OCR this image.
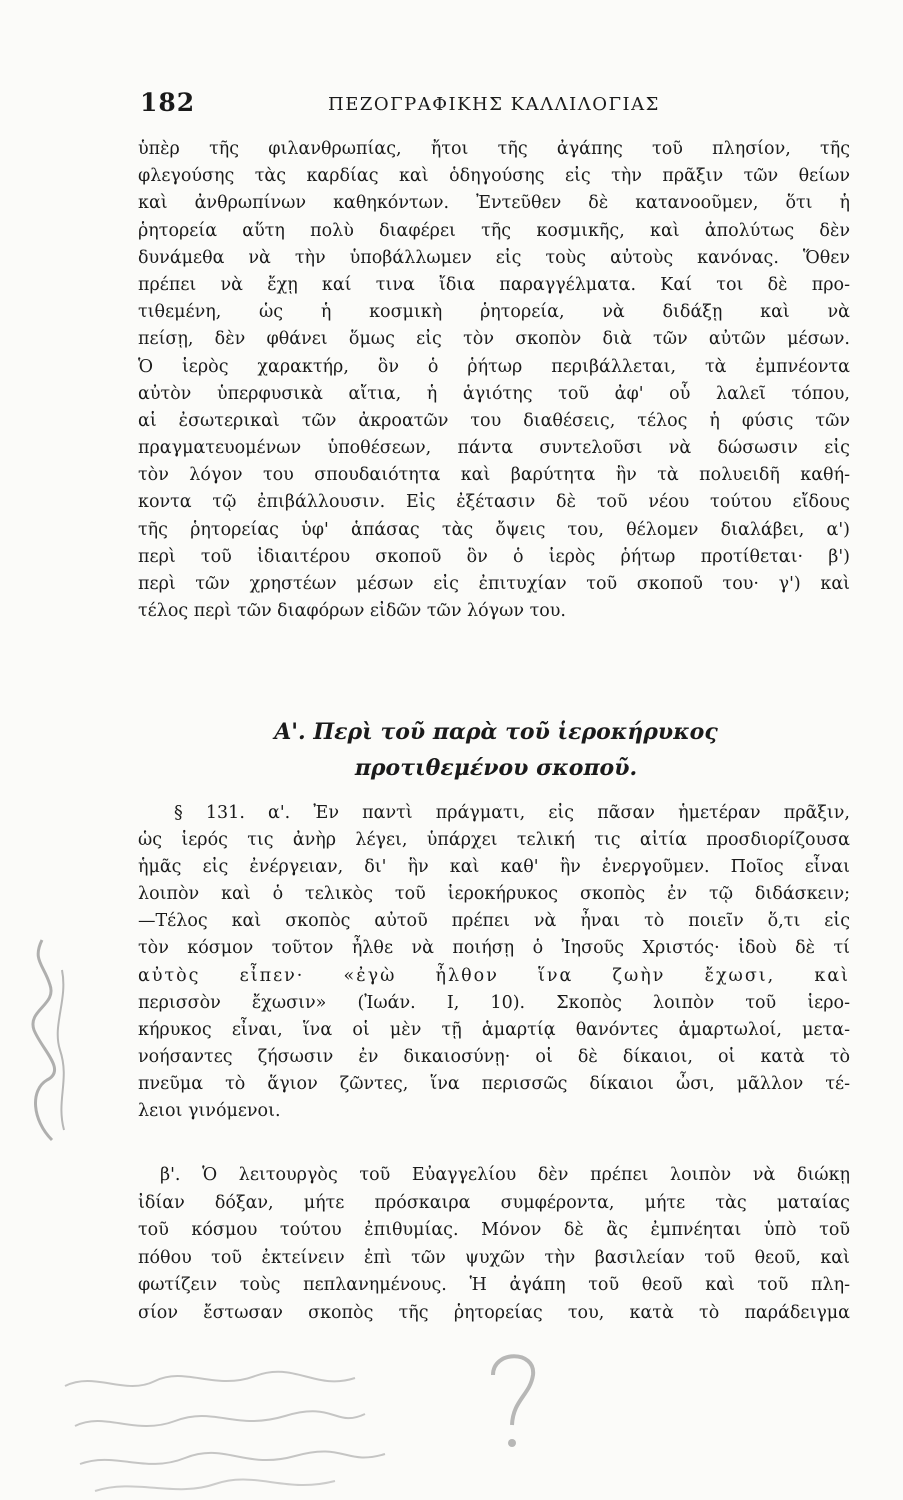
182	ΠΕΖΟΓΡΑΦΙΚΗΣ ΚΑΛΛΙΛΟΓΙΑΣ
ὑπὲρ τῆς φιλανθρωπίας, ἤτοι τῆς ἀγάπης τοῦ πλησίον, τῆς
φλεγούσης τὰς καρδίας καὶ ὁδηγούσης εἰς τὴν πρᾶξιν τῶν θείων
καὶ ἀνθρωπίνων καθηκόντων. Ἐντεῦθεν δὲ κατανοοῦμεν, ὅτι ἡ
ῥητορεία αὕτη πολὺ διαφέρει τῆς κοσμικῆς, καὶ ἀπολύτως δὲν
δυνάμεθα νὰ τὴν ὑποβάλλωμεν εἰς τοὺς αὐτοὺς κανόνας. Ὅθεν
πρέπει νὰ ἔχῃ καί τινα ἴδια παραγγέλματα. Καί τοι δὲ προ-
τιθεμένη, ὡς ἡ κοσμικὴ ῥητορεία, νὰ διδάξῃ καὶ νὰ
πείσῃ, δὲν φθάνει ὅμως εἰς τὸν σκοπὸν διὰ τῶν αὐτῶν μέσων.
Ὁ ἱερὸς χαρακτήρ, ὃν ὁ ῥήτωρ περιβάλλεται, τὰ ἐμπνέοντα
αὐτὸν ὑπερφυσικὰ αἴτια, ἡ ἁγιότης τοῦ ἀφ' οὗ λαλεῖ τόπου,
αἱ ἐσωτερικαὶ τῶν ἀκροατῶν του διαθέσεις, τέλος ἡ φύσις τῶν
πραγματευομένων ὑποθέσεων, πάντα συντελοῦσι νὰ δώσωσιν εἰς
τὸν λόγον του σπουδαιότητα καὶ βαρύτητα ἣν τὰ πολυειδῆ καθή-
κοντα τῷ ἐπιβάλλουσιν. Εἰς ἐξέτασιν δὲ τοῦ νέου τούτου εἴδους
τῆς ῥητορείας ὑφ' ἁπάσας τὰς ὄψεις του, θέλομεν διαλάβει, α')
περὶ τοῦ ἰδιαιτέρου σκοποῦ ὃν ὁ ἱερὸς ῥήτωρ προτίθεται· β')
περὶ τῶν χρηστέων μέσων εἰς ἐπιτυχίαν τοῦ σκοποῦ του· γ') καὶ
τέλος περὶ τῶν διαφόρων εἰδῶν τῶν λόγων του.
Α'. Περὶ τοῦ παρὰ τοῦ ἱεροκήρυκος
προτιθεμένου σκοποῦ.
§ 131. α'. Ἐν παντὶ πράγματι, εἰς πᾶσαν ἡμετέραν πρᾶξιν,
ὡς ἱερός τις ἀνὴρ λέγει, ὑπάρχει τελική τις αἰτία προσδιορίζουσα
ἡμᾶς εἰς ἐνέργειαν, δι' ἣν καὶ καθ' ἣν ἐνεργοῦμεν. Ποῖος εἶναι
λοιπὸν καὶ ὁ τελικὸς τοῦ ἱεροκήρυκος σκοπὸς ἐν τῷ διδάσκειν;
—Τέλος καὶ σκοπὸς αὐτοῦ πρέπει νὰ ἦναι τὸ ποιεῖν ὅ,τι εἰς
τὸν κόσμον τοῦτον ἦλθε νὰ ποιήσῃ ὁ Ἰησοῦς Χριστός· ἰδοὺ δὲ τί
αὐτὸς εἶπεν· «ἐγὼ ἦλθον ἵνα ζωὴν ἔχωσι, καὶ
περισσὸν ἔχωσιν» (Ἰωάν. Ι, 10). Σκοπὸς λοιπὸν τοῦ ἱερο-
κήρυκος εἶναι, ἵνα οἱ μὲν τῇ ἁμαρτίᾳ θανόντες ἁμαρτωλοί, μετα-
νοήσαντες ζήσωσιν ἐν δικαιοσύνῃ· οἱ δὲ δίκαιοι, οἱ κατὰ τὸ
πνεῦμα τὸ ἅγιον ζῶντες, ἵνα περισσῶς δίκαιοι ὦσι, μᾶλλον τέ-
λειοι γινόμενοι.
β'. Ὁ λειτουργὸς τοῦ Εὐαγγελίου δὲν πρέπει λοιπὸν νὰ διώκῃ
ἰδίαν δόξαν, μήτε πρόσκαιρα συμφέροντα, μήτε τὰς ματαίας
τοῦ κόσμου τούτου ἐπιθυμίας. Μόνον δὲ ἂς ἐμπνέηται ὑπὸ τοῦ
πόθου τοῦ ἐκτείνειν ἐπὶ τῶν ψυχῶν τὴν βασιλείαν τοῦ θεοῦ, καὶ
φωτίζειν τοὺς πεπλανημένους. Ἡ ἀγάπη τοῦ θεοῦ καὶ τοῦ πλη-
σίον ἔστωσαν σκοπὸς τῆς ῥητορείας του, κατὰ τὸ παράδειγμα
